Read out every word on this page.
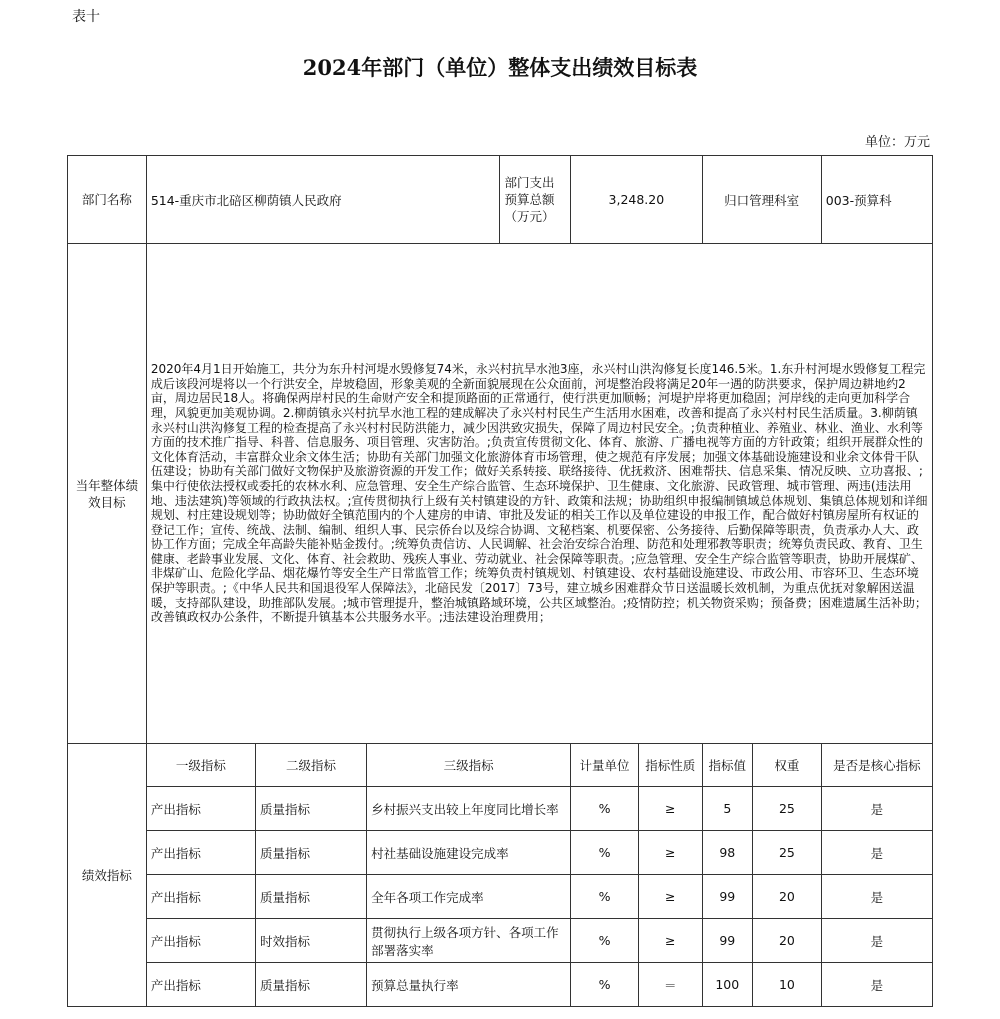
表十
2024年部门（单位）整体支出绩效目标表
单位：万元
部门名称	514-重庆市北碚区柳荫镇人民政府			部门支出预算总额（万元）	3,248.20		归口管理科室		003-预算科
当年整体绩效目标	2020年4月1日开始施工，共分为东升村河堤水毁修复74米，永兴村抗旱水池3座，永兴村山洪沟修复长度146.5米。1.东升村河堤水毁修复工程完成后该段河堤将以一个行洪安全，岸坡稳固，形象美观的全新面貌展现在公众面前，河堤整治段将满足20年一遇的防洪要求，保护周边耕地约2亩，周边居民18人。将确保两岸村民的生命财产安全和提顶路面的正常通行，使行洪更加顺畅；河堤护岸将更加稳固；河岸线的走向更加科学合理，风貌更加美观协调。2.柳荫镇永兴村抗旱水池工程的建成解决了永兴村村民生产生活用水困难，改善和提高了永兴村村民生活质量。3.柳荫镇永兴村山洪沟修复工程的检查提高了永兴村村民防洪能力，减少因洪致灾损失，保障了周边村民安全。;负责种植业、养殖业、林业、渔业、水利等方面的技术推广指导、科普、信息服务、项目管理、灾害防治。;负责宣传贯彻文化、体育、旅游、广播电视等方面的方针政策；组织开展群众性的文化体育活动，丰富群众业余文体生活；协助有关部门加强文化旅游体育市场管理，使之规范有序发展；加强文体基础设施建设和业余文体骨干队伍建设；协助有关部门做好文物保护及旅游资源的开发工作；做好关系转接、联络接待、优抚救济、困难帮扶、信息采集、情况反映、立功喜报、;集中行使依法授权或委托的农林水利、应急管理、安全生产综合监管、生态环境保护、卫生健康、文化旅游、民政管理、城市管理、两违(违法用地、违法建筑)等领域的行政执法权。;宣传贯彻执行上级有关村镇建设的方针、政策和法规；协助组织申报编制镇域总体规划、集镇总体规划和详细规划、村庄建设规划等；协助做好全镇范围内的个人建房的申请、审批及发证的相关工作以及单位建设的申报工作，配合做好村镇房屋所有权证的登记工作；宣传、统战、法制、编制、组织人事、民宗侨台以及综合协调、文秘档案、机要保密、公务接待、后勤保障等职责，负责承办人大、政协工作方面；完成全年高龄失能补贴金拨付。;统筹负责信访、人民调解、社会治安综合治理、防范和处理邪教等职责；统筹负责民政、教育、卫生健康、老龄事业发展、文化、体育、社会救助、残疾人事业、劳动就业、社会保障等职责。;应急管理、安全生产综合监管等职责，协助开展煤矿、非煤矿山、危险化学品、烟花爆竹等安全生产日常监管工作；统筹负责村镇规划、村镇建设、农村基础设施建设、市政公用、市容环卫、生态环境保护等职责。;《中华人民共和国退役军人保障法》，北碚民发〔2017〕73号，建立城乡困难群众节日送温暖长效机制，为重点优抚对象解困送温暖，支持部队建设，助推部队发展。;城市管理提升，整治城镇路域环境，公共区域整治。;疫情防控；机关物资采购；预备费；困难遗属生活补助；改善镇政权办公条件，不断提升镇基本公共服务水平。;违法建设治理费用；								
绩效指标	一级指标	二级指标	三级指标		计量单位	指标性质	指标值	权重	是否是核心指标
	产出指标	质量指标	乡村振兴支出较上年度同比增长率		%	≥	5	25	是
	产出指标	质量指标	村社基础设施建设完成率		%	≥	98	25	是
	产出指标	质量指标	全年各项工作完成率		%	≥	99	20	是
	产出指标	时效指标	贯彻执行上级各项方针、各项工作部署落实率		%	≥	99	20	是
	产出指标	质量指标	预算总量执行率		%	＝	100	10	是
